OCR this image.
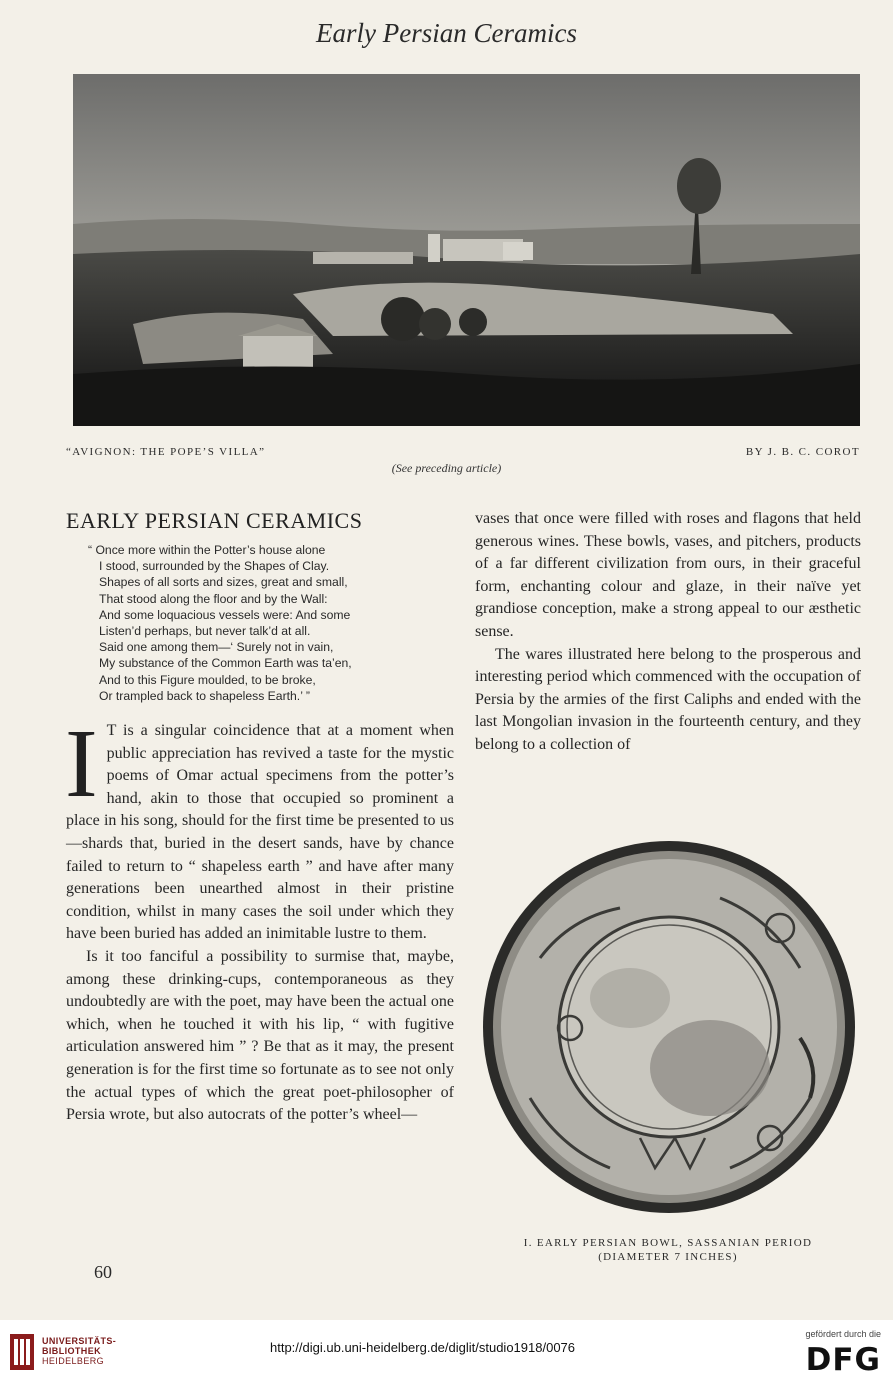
Early Persian Ceramics
“AVIGNON: THE POPE’S VILLA”	BY J. B. C. COROT
(See preceding article)
EARLY PERSIAN CERAMICS
“ Once more within the Potter’s house alone
I stood, surrounded by the Shapes of Clay.
Shapes of all sorts and sizes, great and small,
That stood along the floor and by the Wall:
And some loquacious vessels were: And some
Listen’d perhaps, but never talk’d at all.
Said one among them—‘ Surely not in vain,
My substance of the Common Earth was ta’en,
And to this Figure moulded, to be broke,
Or trampled back to shapeless Earth.’ ”

I T is a singular coincidence that at a moment when public appreciation has revived a taste for the mystic poems of Omar actual specimens from the potter’s hand, akin to those that occupied so prominent a place in his song, should for the first time be presented to us—shards that, buried in the desert sands, have by chance failed to return to “ shapeless earth ” and have after many generations been unearthed almost in their pristine condition, whilst in many cases the soil under which they have been buried has added an inimitable lustre to them.

Is it too fanciful a possibility to surmise that, maybe, among these drinking-cups, contemporaneous as they undoubtedly are with the poet, may have been the actual one which, when he touched it with his lip, “ with fugitive articulation answered him ” ? Be that as it may, the present generation is for the first time so fortunate as to see not only the actual types of which the great poet-philosopher of Persia wrote, but also autocrats of the potter’s wheel—

vases that once were filled with roses and flagons that held generous wines. These bowls, vases, and pitchers, products of a far different civilization from ours, in their graceful form, enchanting colour and glaze, in their naïve yet grandiose conception, make a strong appeal to our æsthetic sense.

The wares illustrated here belong to the prosperous and interesting period which commenced with the occupation of Persia by the armies of the first Caliphs and ended with the last Mongolian invasion in the fourteenth century, and they belong to a collection of

I. EARLY PERSIAN BOWL, SASSANIAN PERIOD
(DIAMETER 7 INCHES)
60
UNIVERSITÄTS-
BIBLIOTHEK
HEIDELBERG
http://digi.ub.uni-heidelberg.de/diglit/studio1918/0076
gefördert durch die
DFG
